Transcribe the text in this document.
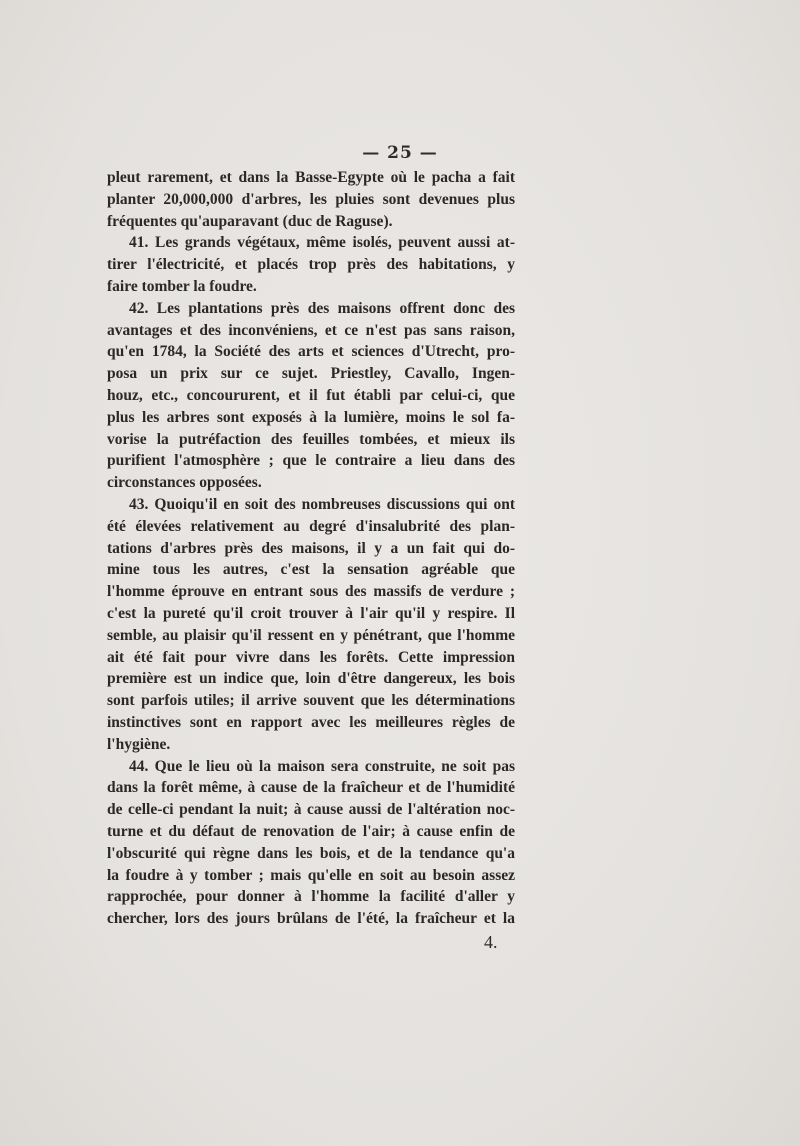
— 25 —
pleut rarement, et dans la Basse-Egypte où le pacha a fait
planter 20,000,000 d'arbres, les pluies sont devenues plus
fréquentes qu'auparavant (duc de Raguse).
41. Les grands végétaux, même isolés, peuvent aussi at-
tirer l'électricité, et placés trop près des habitations, y
faire tomber la foudre.
42. Les plantations près des maisons offrent donc des
avantages et des inconvéniens, et ce n'est pas sans raison,
qu'en 1784, la Société des arts et sciences d'Utrecht, pro-
posa un prix sur ce sujet. Priestley, Cavallo, Ingen-
houz, etc., concoururent, et il fut établi par celui-ci, que
plus les arbres sont exposés à la lumière, moins le sol fa-
vorise la putréfaction des feuilles tombées, et mieux ils
purifient l'atmosphère ; que le contraire a lieu dans des
circonstances opposées.
43. Quoiqu'il en soit des nombreuses discussions qui ont
été élevées relativement au degré d'insalubrité des plan-
tations d'arbres près des maisons, il y a un fait qui do-
mine tous les autres, c'est la sensation agréable que
l'homme éprouve en entrant sous des massifs de verdure ;
c'est la pureté qu'il croit trouver à l'air qu'il y respire. Il
semble, au plaisir qu'il ressent en y pénétrant, que l'homme
ait été fait pour vivre dans les forêts. Cette impression
première est un indice que, loin d'être dangereux, les bois
sont parfois utiles; il arrive souvent que les déterminations
instinctives sont en rapport avec les meilleures règles de
l'hygiène.
44. Que le lieu où la maison sera construite, ne soit pas
dans la forêt même, à cause de la fraîcheur et de l'humidité
de celle-ci pendant la nuit; à cause aussi de l'altération noc-
turne et du défaut de renovation de l'air; à cause enfin de
l'obscurité qui règne dans les bois, et de la tendance qu'a
la foudre à y tomber ; mais qu'elle en soit au besoin assez
rapprochée, pour donner à l'homme la facilité d'aller y
chercher, lors des jours brûlans de l'été, la fraîcheur et la
4.
